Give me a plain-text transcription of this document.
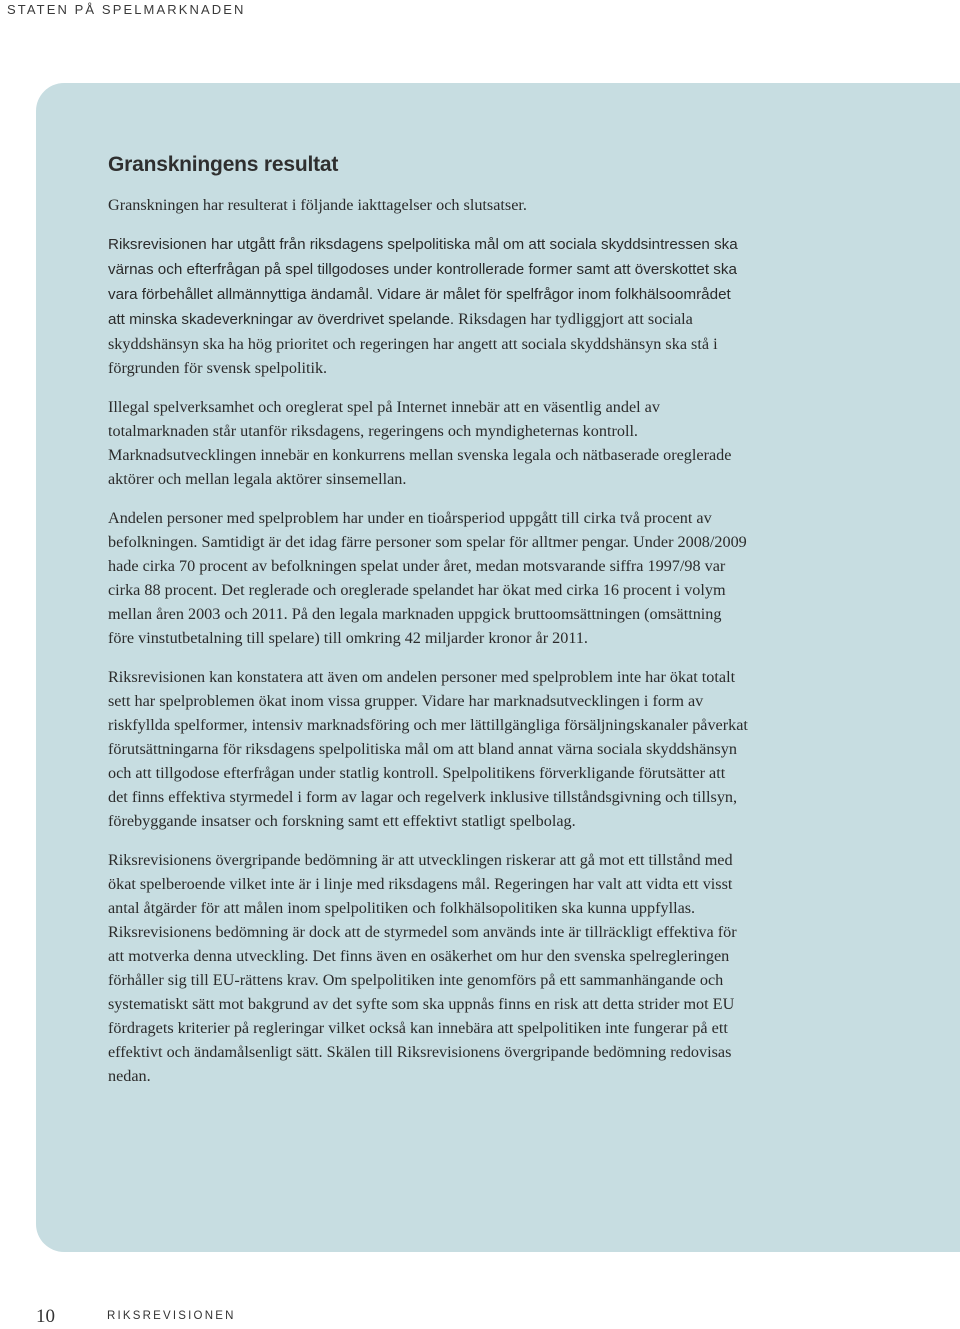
STATEN PÅ SPELMARKNADEN
Granskningens resultat

Granskningen har resulterat i följande iakttagelser och slutsatser.

Riksrevisionen har utgått från riksdagens spelpolitiska mål om att sociala skyddsintressen ska värnas och efterfrågan på spel tillgodoses under kontrollerade former samt att överskottet ska vara förbehållet allmännyttiga ändamål. Vidare är målet för spelfrågor inom folkhälsoområdet att minska skadeverkningar av överdrivet spelande. Riksdagen har tydliggjort att sociala skyddshänsyn ska ha hög prioritet och regeringen har angett att sociala skyddshänsyn ska stå i förgrunden för svensk spelpolitik.

Illegal spelverksamhet och oreglerat spel på Internet innebär att en väsentlig andel av totalmarknaden står utanför riksdagens, regeringens och myndigheternas kontroll. Marknadsutvecklingen innebär en konkurrens mellan svenska legala och nätbaserade oreglerade aktörer och mellan legala aktörer sinsemellan.

Andelen personer med spelproblem har under en tioårsperiod uppgått till cirka två procent av befolkningen. Samtidigt är det idag färre personer som spelar för alltmer pengar. Under 2008/2009 hade cirka 70 procent av befolkningen spelat under året, medan motsvarande siffra 1997/98 var cirka 88 procent. Det reglerade och oreglerade spelandet har ökat med cirka 16 procent i volym mellan åren 2003 och 2011. På den legala marknaden uppgick bruttoomsättningen (omsättning före vinstutbetalning till spelare) till omkring 42 miljarder kronor år 2011.

Riksrevisionen kan konstatera att även om andelen personer med spelproblem inte har ökat totalt sett har spelproblemen ökat inom vissa grupper. Vidare har marknadsutvecklingen i form av riskfyllda spelformer, intensiv marknadsföring och mer lättillgängliga försäljningskanaler påverkat förutsättningarna för riksdagens spelpolitiska mål om att bland annat värna sociala skyddshänsyn och att tillgodose efterfrågan under statlig kontroll. Spelpolitikens förverkligande förutsätter att det finns effektiva styrmedel i form av lagar och regelverk inklusive tillståndsgivning och tillsyn, förebyggande insatser och forskning samt ett effektivt statligt spelbolag.

Riksrevisionens övergripande bedömning är att utvecklingen riskerar att gå mot ett tillstånd med ökat spelberoende vilket inte är i linje med riksdagens mål. Regeringen har valt att vidta ett visst antal åtgärder för att målen inom spelpolitiken och folkhälsopolitiken ska kunna uppfyllas. Riksrevisionens bedömning är dock att de styrmedel som används inte är tillräckligt effektiva för att motverka denna utveckling. Det finns även en osäkerhet om hur den svenska spelregleringen förhåller sig till EU-rättens krav. Om spelpolitiken inte genomförs på ett sammanhängande och systematiskt sätt mot bakgrund av det syfte som ska uppnås finns en risk att detta strider mot EU fördragets kriterier på regleringar vilket också kan innebära att spelpolitiken inte fungerar på ett effektivt och ändamålsenligt sätt. Skälen till Riksrevisionens övergripande bedömning redovisas nedan.

10	RIKSREVISIONEN
